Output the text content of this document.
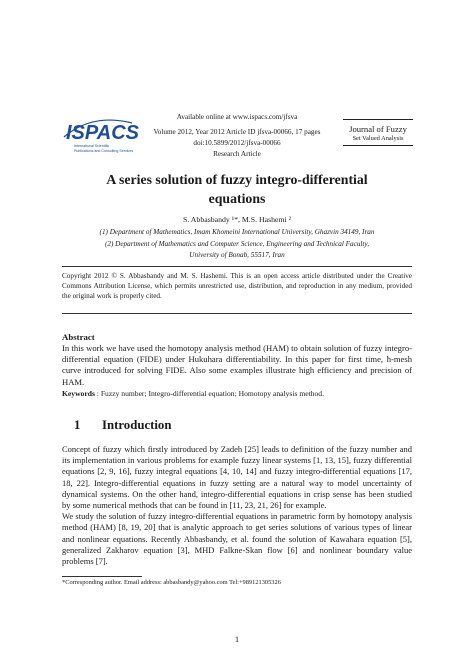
ISPACS
International Scientific
Publications and Consulting Services

Available online at www.ispacs.com/jfsva

Volume 2012, Year 2012 Article ID jfsva-00066, 17 pages

doi:10.5899/2012/jfsva-00066

Research Article

Journal of Fuzzy
Set Valued Analysis
A series solution of fuzzy integro-differential
equations

S. Abbasbandy ¹*, M.S. Hashemi ²

(1) Department of Mathematics, Imam Khomeini International University, Ghazvin 34149, Iran

(2) Department of Mathematics and Computer Science, Engineering and Technical Faculty,

University of Bonab, 55517, Iran

Copyright 2012 © S. Abbasbandy and M. S. Hashemi. This is an open access article distributed under the Creative Commons Attribution License, which permits unrestricted use, distribution, and reproduction in any medium, provided the original work is properly cited.

Abstract

In this work we have used the homotopy analysis method (HAM) to obtain solution of fuzzy integro-differential equation (FIDE) under Hukuhara differentiability. In this paper for first time, ħ-mesh curve introduced for solving FIDE. Also some examples illustrate high efficiency and precision of HAM.

Keywords : Fuzzy number; Integro-differential equation; Homotopy analysis method.

1 Introduction

Concept of fuzzy which firstly introduced by Zadeh [25] leads to definition of the fuzzy number and its implementation in various problems for example fuzzy linear systems [1, 13, 15], fuzzy differential equations [2, 9, 16], fuzzy integral equations [4, 10, 14] and fuzzy integro-differential equations [17, 18, 22]. Integro-differential equations in fuzzy setting are a natural way to model uncertainty of dynamical systems. On the other hand, integro-differential equations in crisp sense has been studied by some numerical methods that can be found in [11, 23, 21, 26] for example.

We study the solution of fuzzy integro-differential equations in parametric form by homotopy analysis method (HAM) [8, 19, 20] that is analytic approach to get series solutions of various types of linear and nonlinear equations. Recently Abbasbandy, et al. found the solution of Kawahara equation [5], generalized Zakharov equation [3], MHD Falkne-Skan flow [6] and nonlinear boundary value problems [7].

*Corresponding author. Email address: abbasbandy@yahoo.com Tel:+989121305326

1
